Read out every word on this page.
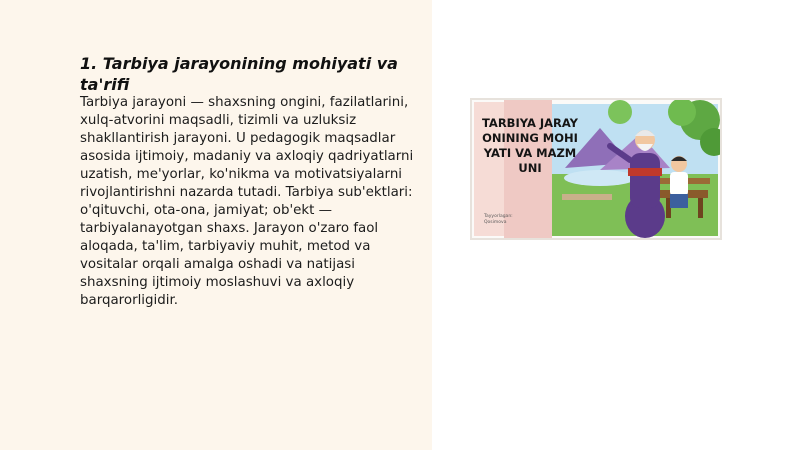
1. Tarbiya jarayonining mohiyati va ta'rifi

Tarbiya jarayoni — shaxsning ongini, fazilatlarini, xulq-atvorini maqsadli, tizimli va uzluksiz shakllantirish jarayoni. U pedagogik maqsadlar asosida ijtimoiy, madaniy va axloqiy qadriyatlarni uzatish, me'yorlar, ko'nikma va motivatsiyalarni rivojlantirishni nazarda tutadi. Tarbiya sub'ektlari: o'qituvchi, ota-ona, jamiyat; ob'ekt — tarbiyalanayotgan shaxs. Jarayon o'zaro faol aloqada, ta'lim, tarbiyaviy muhit, metod va vositalar orqali amalga oshadi va natijasi shaxsning ijtimoiy moslashuvi va axloqiy barqarorligidir.

TARBIYA JARAYONINING MOHIYATI VA MAZMUNI
Tayyorlagan: Qosimova
